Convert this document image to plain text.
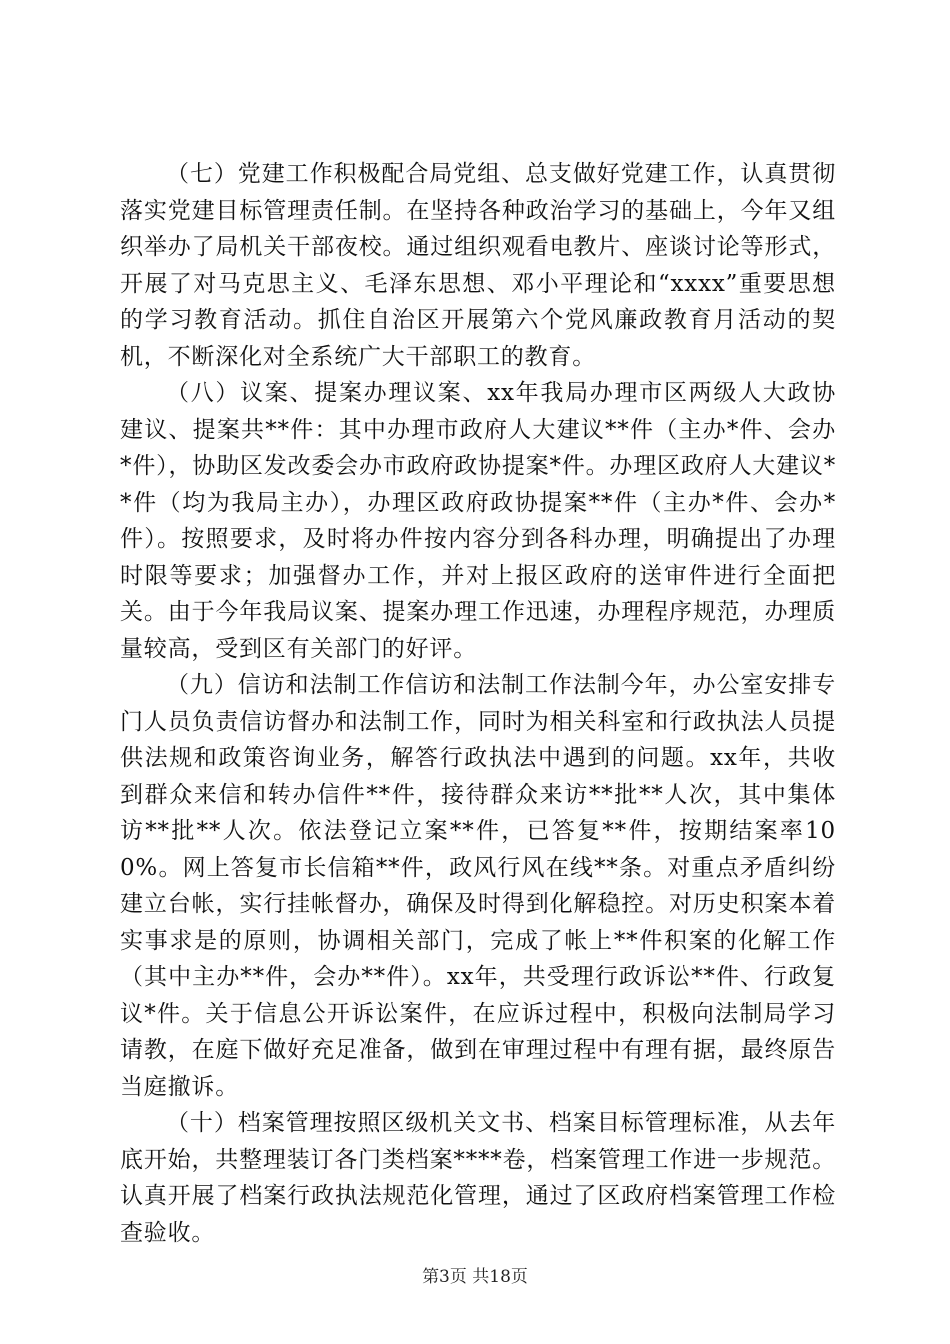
（七）党建工作积极配合局党组、总支做好党建工作，认真贯彻落实党建目标管理责任制。在坚持各种政治学习的基础上，今年又组织举办了局机关干部夜校。通过组织观看电教片、座谈讨论等形式，开展了对马克思主义、毛泽东思想、邓小平理论和“xxxx”重要思想的学习教育活动。抓住自治区开展第六个党风廉政教育月活动的契机，不断深化对全系统广大干部职工的教育。

（八）议案、提案办理议案、xx年我局办理市区两级人大政协建议、提案共**件：其中办理市政府人大建议**件（主办*件、会办*件），协助区发改委会办市政府政协提案*件。办理区政府人大建议**件（均为我局主办），办理区政府政协提案**件（主办*件、会办*件）。按照要求，及时将办件按内容分到各科办理，明确提出了办理时限等要求；加强督办工作，并对上报区政府的送审件进行全面把关。由于今年我局议案、提案办理工作迅速，办理程序规范，办理质量较高，受到区有关部门的好评。

（九）信访和法制工作信访和法制工作法制今年，办公室安排专门人员负责信访督办和法制工作，同时为相关科室和行政执法人员提供法规和政策咨询业务，解答行政执法中遇到的问题。xx年，共收到群众来信和转办信件**件，接待群众来访**批**人次，其中集体访**批**人次。依法登记立案**件，已答复**件，按期结案率100%。网上答复市长信箱**件，政风行风在线**条。对重点矛盾纠纷建立台帐，实行挂帐督办，确保及时得到化解稳控。对历史积案本着实事求是的原则，协调相关部门，完成了帐上**件积案的化解工作（其中主办**件，会办**件）。xx年，共受理行政诉讼**件、行政复议*件。关于信息公开诉讼案件，在应诉过程中，积极向法制局学习请教，在庭下做好充足准备，做到在审理过程中有理有据，最终原告当庭撤诉。

（十）档案管理按照区级机关文书、档案目标管理标准，从去年底开始，共整理装订各门类档案****卷，档案管理工作进一步规范。认真开展了档案行政执法规范化管理，通过了区政府档案管理工作检查验收。

第3页 共18页
